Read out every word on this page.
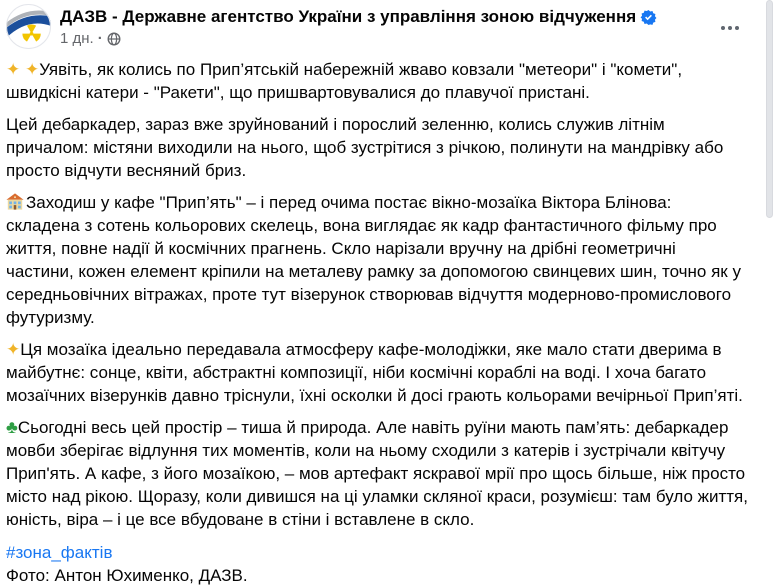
ДАЗВ - Державне агентство України з управління зоною відчуження
1 дн. ·

✦ ✦Уявіть, як колись по Прип’ятській набережній жваво ковзали "метеори" і "комети", швидкісні катери - "Ракети", що пришвартовувалися до плавучої пристані.

Цей дебаркадер, зараз вже зруйнований і порослий зеленню, колись служив літнім причалом: містяни виходили на нього, щоб зустрітися з річкою, полинути на мандрівку або просто відчути весняний бриз.

Заходиш у кафе "Прип’ять" – і перед очима постає вікно-мозаїка Віктора Блінова: складена з сотень кольорових скелець, вона виглядає як кадр фантастичного фільму про життя, повне надії й космічних прагнень. Скло нарізали вручну на дрібні геометричні частини, кожен елемент кріпили на металеву рамку за допомогою свинцевих шин, точно як у середньовічних вітражах, проте тут візерунок створював відчуття модерново-промислового футуризму.

✦Ця мозаїка ідеально передавала атмосферу кафе-молодіжки, яке мало стати дверима в майбутнє: сонце, квіти, абстрактні композиції, ніби космічні кораблі на воді. І хоча багато мозаїчних візерунків давно тріснули, їхні осколки й досі грають кольорами вечірньої Прип’яті.

♣Сьогодні весь цей простір – тиша й природа. Але навіть руїни мають пам’ять: дебаркадер мовби зберігає відлуння тих моментів, коли на ньому сходили з катерів і зустрічали квітучу Прип'ять. А кафе, з його мозаїкою, – мов артефакт яскравої мрії про щось більше, ніж просто місто над рікою. Щоразу, коли дивишся на ці уламки скляної краси, розумієш: там було життя, юність, віра – і це все вбудоване в стіни і вставлене в скло.

#зона_фактів
Фото: Антон Юхименко, ДАЗВ.
